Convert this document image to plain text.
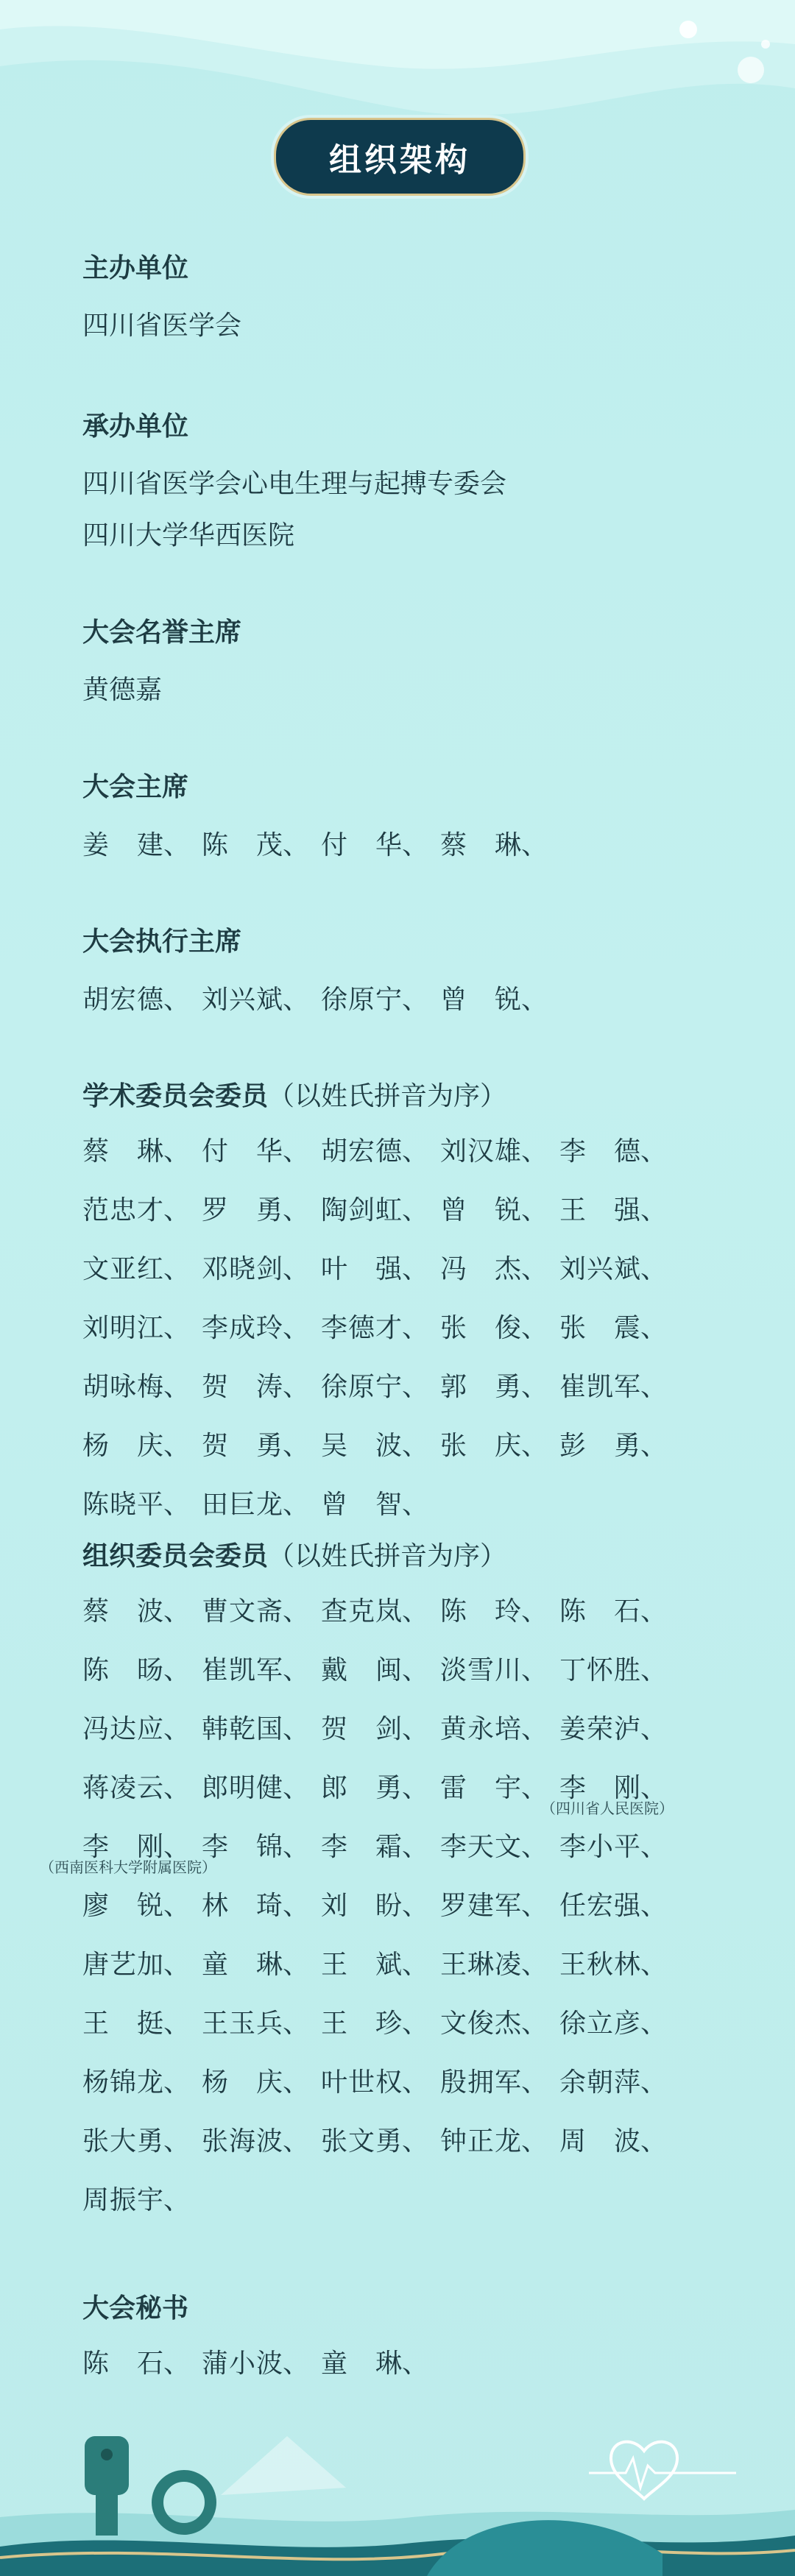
组织架构
主办单位
四川省医学会
承办单位
四川省医学会心电生理与起搏专委会
四川大学华西医院
大会名誉主席
黄德嘉
大会主席
姜建、 陈茂、 付华、 蔡琳、
大会执行主席
胡宏德、 刘兴斌、 徐原宁、 曾锐、
学术委员会委员（以姓氏拼音为序）
蔡琳、 付华、 胡宏德、 刘汉雄、 李德、
范忠才、 罗勇、 陶剑虹、 曾锐、 王强、
文亚红、 邓晓剑、 叶强、 冯杰、 刘兴斌、
刘明江、 李成玲、 李德才、 张俊、 张震、
胡咏梅、 贺涛、 徐原宁、 郭勇、 崔凯军、
杨庆、 贺勇、 吴波、 张庆、 彭勇、
陈晓平、 田巨龙、 曾智、
组织委员会委员（以姓氏拼音为序）
蔡波、 曹文斋、 查克岚、 陈玲、 陈石、
陈旸、 崔凯军、 戴闽、 淡雪川、 丁怀胜、
冯达应、 韩乾国、 贺剑、 黄永培、 姜荣泸、
蒋凌云、 郎明健、 郎勇、 雷宇、 李刚、
（四川省人民医院）
李刚、
（西南医科大学附属医院）
李锦、 李霜、 李天文、 李小平、
廖锐、 林琦、 刘盼、 罗建军、 任宏强、
唐艺加、 童琳、 王斌、 王琳凌、 王秋林、
王挺、 王玉兵、 王珍、 文俊杰、 徐立彦、
杨锦龙、 杨庆、 叶世权、 殷拥军、 余朝萍、
张大勇、 张海波、 张文勇、 钟正龙、 周波、
周振宇、
大会秘书
陈石、 蒲小波、 童琳、
